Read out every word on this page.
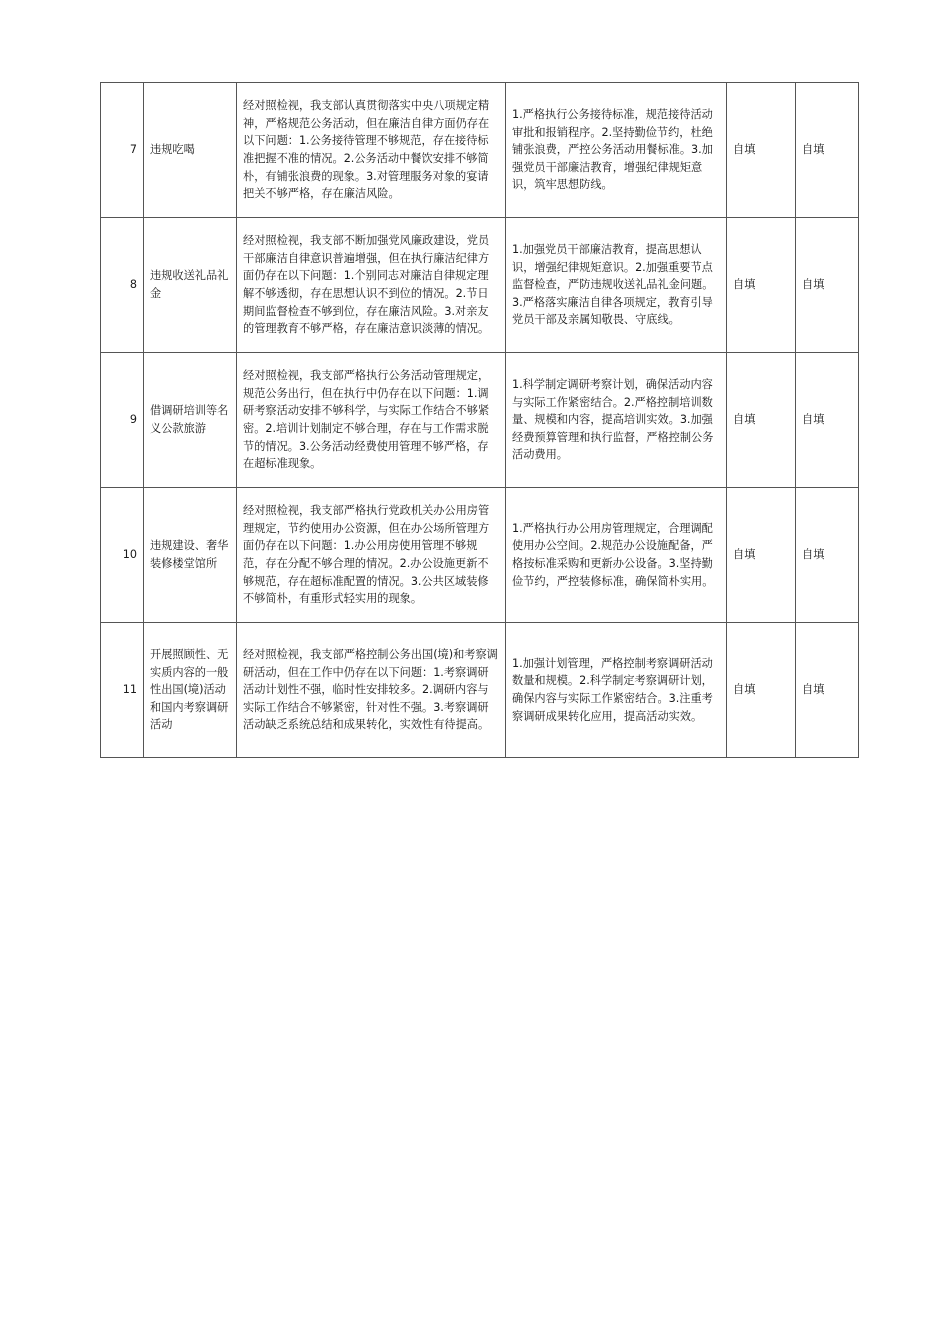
7	违规吃喝	经对照检视，我支部认真贯彻落实中央八项规定精神，严格规范公务活动，但在廉洁自律方面仍存在以下问题：1.公务接待管理不够规范，存在接待标准把握不准的情况。2.公务活动中餐饮安排不够简朴，有铺张浪费的现象。3.对管理服务对象的宴请把关不够严格，存在廉洁风险。	1.严格执行公务接待标准，规范接待活动审批和报销程序。2.坚持勤俭节约，杜绝铺张浪费，严控公务活动用餐标准。3.加强党员干部廉洁教育，增强纪律规矩意识，筑牢思想防线。	自填	自填
8	违规收送礼品礼金	经对照检视，我支部不断加强党风廉政建设，党员干部廉洁自律意识普遍增强，但在执行廉洁纪律方面仍存在以下问题：1.个别同志对廉洁自律规定理解不够透彻，存在思想认识不到位的情况。2.节日期间监督检查不够到位，存在廉洁风险。3.对亲友的管理教育不够严格，存在廉洁意识淡薄的情况。	1.加强党员干部廉洁教育，提高思想认识，增强纪律规矩意识。2.加强重要节点监督检查，严防违规收送礼品礼金问题。3.严格落实廉洁自律各项规定，教育引导党员干部及亲属知敬畏、守底线。	自填	自填
9	借调研培训等名义公款旅游	经对照检视，我支部严格执行公务活动管理规定，规范公务出行，但在执行中仍存在以下问题：1.调研考察活动安排不够科学，与实际工作结合不够紧密。2.培训计划制定不够合理，存在与工作需求脱节的情况。3.公务活动经费使用管理不够严格，存在超标准现象。	1.科学制定调研考察计划，确保活动内容与实际工作紧密结合。2.严格控制培训数量、规模和内容，提高培训实效。3.加强经费预算管理和执行监督，严格控制公务活动费用。	自填	自填
10	违规建设、奢华装修楼堂馆所	经对照检视，我支部严格执行党政机关办公用房管理规定，节约使用办公资源，但在办公场所管理方面仍存在以下问题：1.办公用房使用管理不够规范，存在分配不够合理的情况。2.办公设施更新不够规范，存在超标准配置的情况。3.公共区域装修不够简朴，有重形式轻实用的现象。	1.严格执行办公用房管理规定，合理调配使用办公空间。2.规范办公设施配备，严格按标准采购和更新办公设备。3.坚持勤俭节约，严控装修标准，确保简朴实用。	自填	自填
11	开展照顾性、无实质内容的一般性出国(境)活动和国内考察调研活动	经对照检视，我支部严格控制公务出国(境)和考察调研活动，但在工作中仍存在以下问题：1.考察调研活动计划性不强，临时性安排较多。2.调研内容与实际工作结合不够紧密，针对性不强。3.考察调研活动缺乏系统总结和成果转化，实效性有待提高。	1.加强计划管理，严格控制考察调研活动数量和规模。2.科学制定考察调研计划，确保内容与实际工作紧密结合。3.注重考察调研成果转化应用，提高活动实效。	自填	自填
